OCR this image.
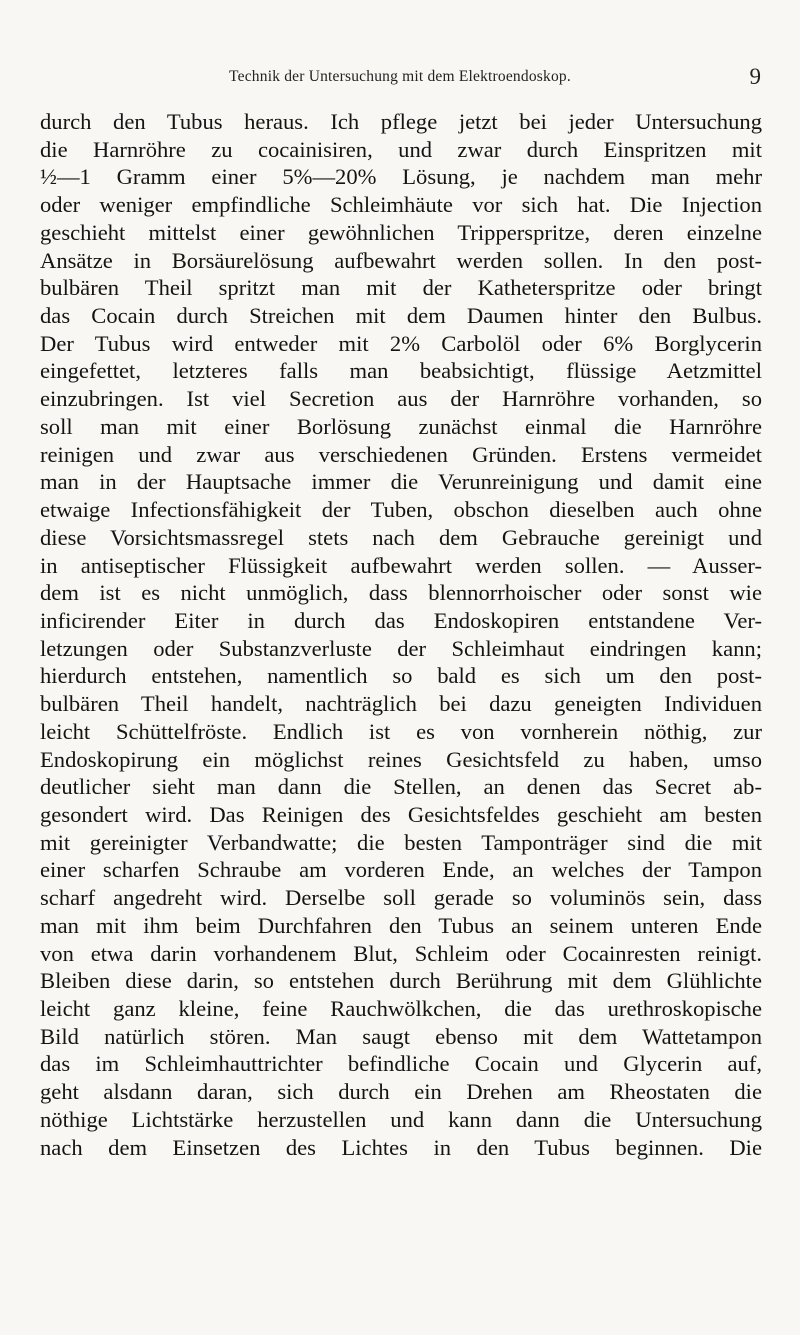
Technik der Untersuchung mit dem Elektroendoskop.	9
durch den Tubus heraus. Ich pflege jetzt bei jeder Untersuchung
die Harnröhre zu cocainisiren, und zwar durch Einspritzen mit
½—1 Gramm einer 5%—20% Lösung, je nachdem man mehr
oder weniger empfindliche Schleimhäute vor sich hat. Die Injection
geschieht mittelst einer gewöhnlichen Tripperspritze, deren einzelne
Ansätze in Borsäurelösung aufbewahrt werden sollen. In den post-
bulbären Theil spritzt man mit der Katheterspritze oder bringt
das Cocain durch Streichen mit dem Daumen hinter den Bulbus.
Der Tubus wird entweder mit 2% Carbolöl oder 6% Borglycerin
eingefettet, letzteres falls man beabsichtigt, flüssige Aetzmittel
einzubringen. Ist viel Secretion aus der Harnröhre vorhanden, so
soll man mit einer Borlösung zunächst einmal die Harnröhre
reinigen und zwar aus verschiedenen Gründen. Erstens vermeidet
man in der Hauptsache immer die Verunreinigung und damit eine
etwaige Infectionsfähigkeit der Tuben, obschon dieselben auch ohne
diese Vorsichtsmassregel stets nach dem Gebrauche gereinigt und
in antiseptischer Flüssigkeit aufbewahrt werden sollen. — Ausser-
dem ist es nicht unmöglich, dass blennorrhoischer oder sonst wie
inficirender Eiter in durch das Endoskopiren entstandene Ver-
letzungen oder Substanzverluste der Schleimhaut eindringen kann;
hierdurch entstehen, namentlich so bald es sich um den post-
bulbären Theil handelt, nachträglich bei dazu geneigten Individuen
leicht Schüttelfröste. Endlich ist es von vornherein nöthig, zur
Endoskopirung ein möglichst reines Gesichtsfeld zu haben, umso
deutlicher sieht man dann die Stellen, an denen das Secret ab-
gesondert wird. Das Reinigen des Gesichtsfeldes geschieht am besten
mit gereinigter Verbandwatte; die besten Tamponträger sind die mit
einer scharfen Schraube am vorderen Ende, an welches der Tampon
scharf angedreht wird. Derselbe soll gerade so voluminös sein, dass
man mit ihm beim Durchfahren den Tubus an seinem unteren Ende
von etwa darin vorhandenem Blut, Schleim oder Cocainresten reinigt.
Bleiben diese darin, so entstehen durch Berührung mit dem Glühlichte
leicht ganz kleine, feine Rauchwölkchen, die das urethroskopische
Bild natürlich stören. Man saugt ebenso mit dem Wattetampon
das im Schleimhauttrichter befindliche Cocain und Glycerin auf,
geht alsdann daran, sich durch ein Drehen am Rheostaten die
nöthige Lichtstärke herzustellen und kann dann die Untersuchung
nach dem Einsetzen des Lichtes in den Tubus beginnen. Die
